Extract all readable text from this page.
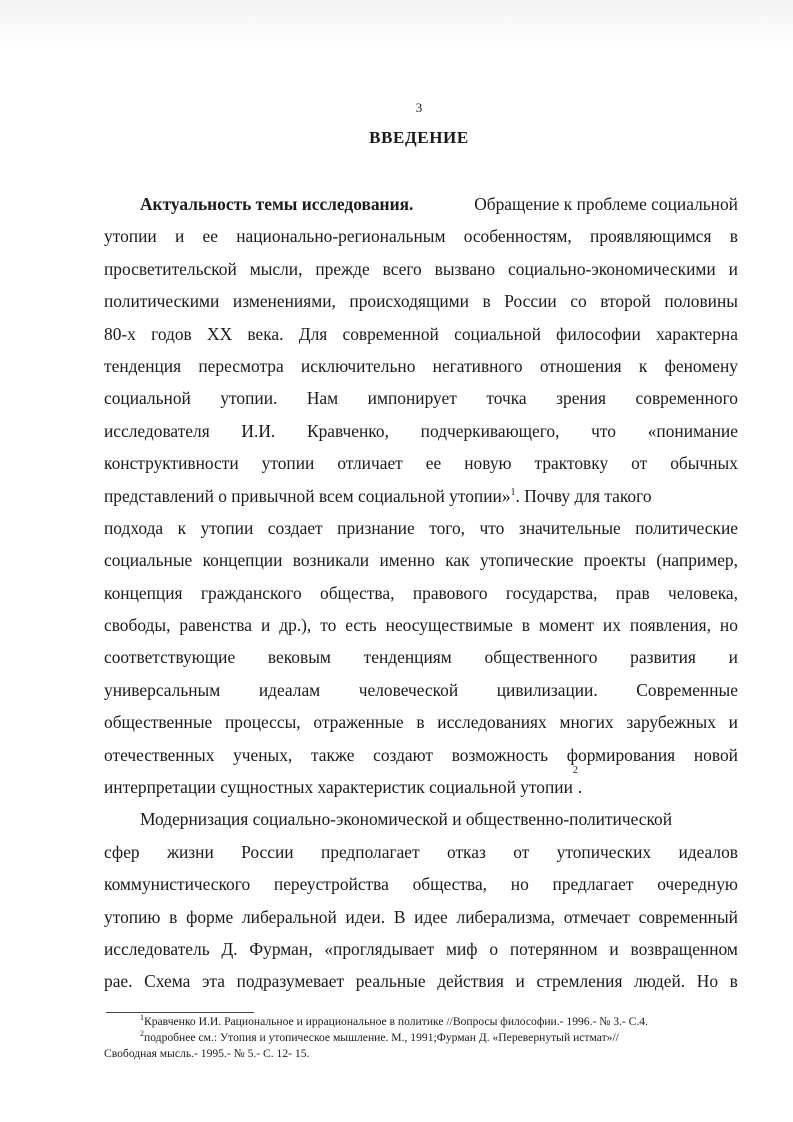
3
ВВЕДЕНИЕ
Актуальность темы исследования.	Обращение к проблеме социальной
утопии и ее национально-региональным особенностям, проявляющимся в
просветительской мысли, прежде всего вызвано социально-экономическими и
политическими изменениями, происходящими в России со второй половины
80-х годов XX века. Для современной социальной философии характерна
тенденция пересмотра исключительно негативного отношения к феномену
социальной утопии. Нам импонирует точка зрения современного
исследователя И.И. Кравченко, подчеркивающего, что «понимание
конструктивности утопии отличает ее новую трактовку от обычных
представлений о привычной всем социальной утопии»$^1$. Почву для такого
подхода к утопии создает признание того, что значительные политические
социальные концепции возникали именно как утопические проекты (например,
концепция гражданского общества, правового государства, прав человека,
свободы, равенства и др.), то есть неосуществимые в момент их появления, но
соответствующие вековым тенденциям общественного развития и
универсальным идеалам человеческой цивилизации. Современные
общественные процессы, отраженные в исследованиях многих зарубежных и
отечественных ученых, также создают возможность формирования новой
интерпретации сущностных характеристик социальной утопии
2
.
Модернизация социально-экономической и общественно-политической
сфер жизни России предполагает отказ от утопических идеалов
коммунистического переустройства общества, но предлагает очередную
утопию в форме либеральной идеи. В идее либерализма, отмечает современный
исследователь Д. Фурман, «проглядывает миф о потерянном и возвращенном
рае. Схема эта подразумевает реальные действия и стремления людей. Но в
$^1$Кравченко И.И. Рациональное и иррациональное в политике //Вопросы философии.- 1996.- № 3.- С.4.
$^2$подробнее см.: Утопия и утопическое мышление. М., 1991;Фурман Д. «Перевернутый истмат»//
Свободная мысль.- 1995.- № 5.- С. 12- 15.
